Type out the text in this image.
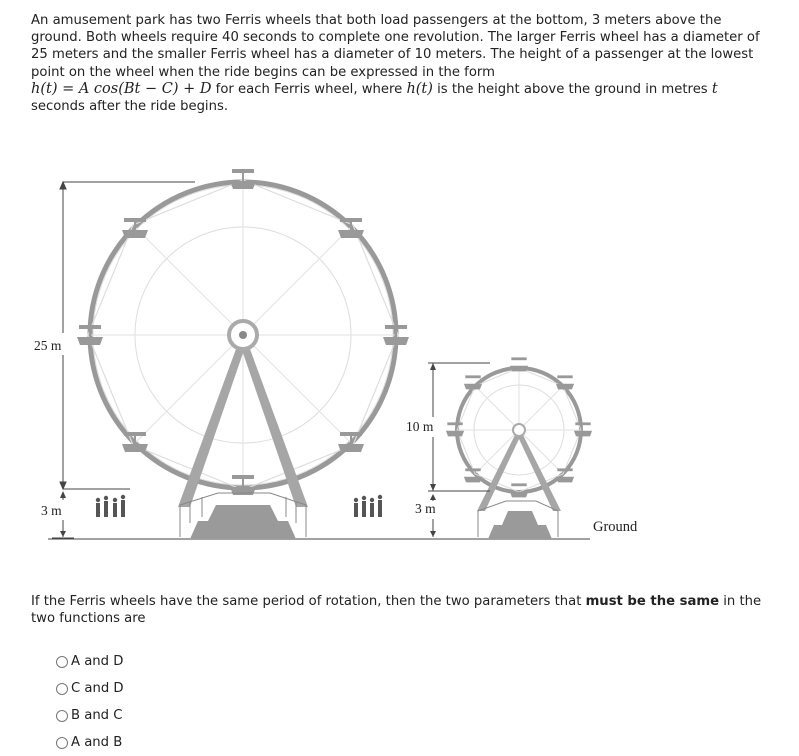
An amusement park has two Ferris wheels that both load passengers at the bottom, 3 meters above the ground. Both wheels require 40 seconds to complete one revolution. The larger Ferris wheel has a diameter of 25 meters and the smaller Ferris wheel has a diameter of 10 meters. The height of a passenger at the lowest point on the wheel when the ride begins can be expressed in the form
h(t) = A cos(Bt − C) + D for each Ferris wheel, where h(t) is the height above the ground in metres t
seconds after the ride begins.
25 m
3 m
10 m
3 m
Ground
If the Ferris wheels have the same period of rotation, then the two parameters that must be the same in the two functions are
A and D
C and D
B and C
A and B
